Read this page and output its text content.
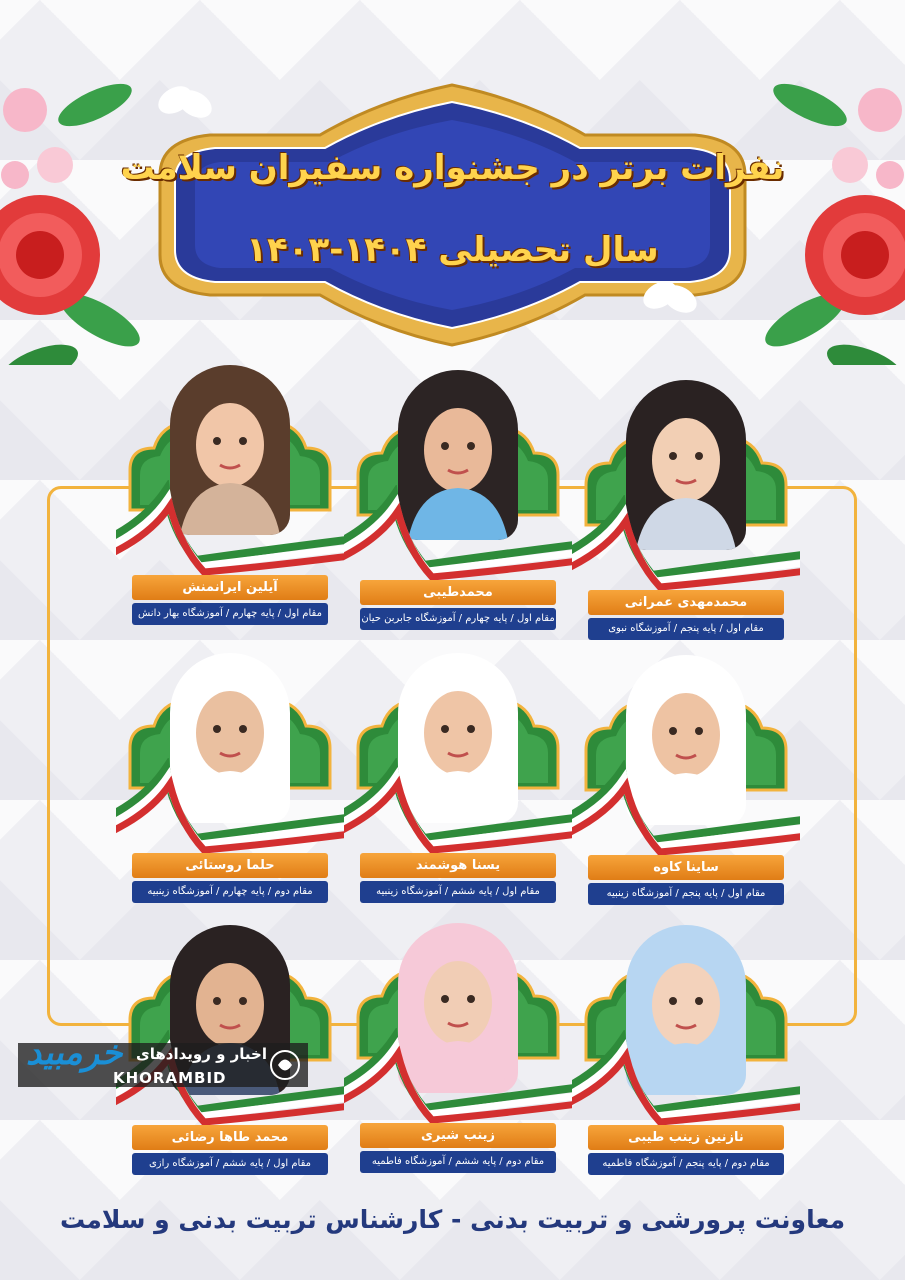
نفرات برتر در جشنواره سفیران سلامت
سال تحصیلی ۱۴۰۴-۱۴۰۳
محمدمهدی عمرانی
مقام اول / پایه پنجم / آموزشگاه نبوی
محمدطیبی
مقام اول / پایه چهارم / آموزشگاه جابربن حیان
آیلین ایرانمنش
مقام اول / پایه چهارم / آموزشگاه بهار دانش
ساینا کاوه
مقام اول / پایه پنجم / آموزشگاه زینبیه
یسنا هوشمند
مقام اول / پایه ششم / آموزشگاه زینبیه
حلما روستائی
مقام دوم / پایه چهارم / آموزشگاه زینبیه
نازنین زینب طیبی
مقام دوم / پایه پنجم / آموزشگاه فاطمیه
زینب شیری
مقام دوم / پایه ششم / آموزشگاه فاطمیه
محمد طاها رضائی
مقام اول / پایه ششم / آموزشگاه رازی
معاونت پرورشی و تربیت بدنی - کارشناس تربیت بدنی و سلامت
خرمبید اخبار و رویدادهای
KHORAMBID
